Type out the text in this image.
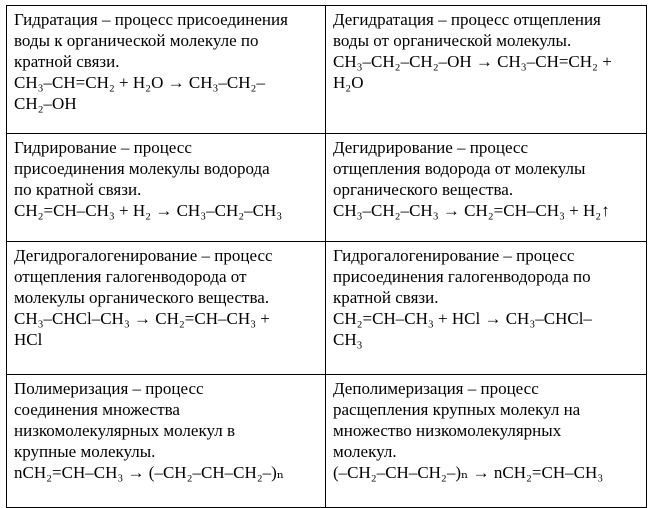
Гидратация – процесс присоединения
воды к органической молекуле по
кратной связи.
CH₃–CH=CH₂ + H₂O → CH₃–CH₂–
CH₂–OH	Дегидратация – процесс отщепления
воды от органической молекулы.
CH₃–CH₂–CH₂–OH → CH₃–CH=CH₂ +
H₂O

Гидрирование – процесс
присоединения молекулы водорода
по кратной связи.
CH₂=CH–CH₃ + H₂ → CH₃–CH₂–CH₃	Дегидрирование – процесс
отщепления водорода от молекулы
органического вещества.
CH₃–CH₂–CH₃ → CH₂=CH–CH₃ + H₂↑

Дегидрогалогенирование – процесс
отщепления галогенводорода от
молекулы органического вещества.
CH₃–CHCl–CH₃ → CH₂=CH–CH₃ +
HCl	Гидрогалогенирование – процесс
присоединения галогенводорода по
кратной связи.
CH₂=CH–CH₃ + HCl → CH₃–CHCl–
CH₃

Полимеризация – процесс
соединения множества
низкомолекулярных молекул в
крупные молекулы.
nCH₂=CH–CH₃ → (–CH₂–CH–CH₂–)ₙ	Деполимеризация – процесс
расщепления крупных молекул на
множество низкомолекулярных
молекул.
(–CH₂–CH–CH₂–)ₙ → nCH₂=CH–CH₃
